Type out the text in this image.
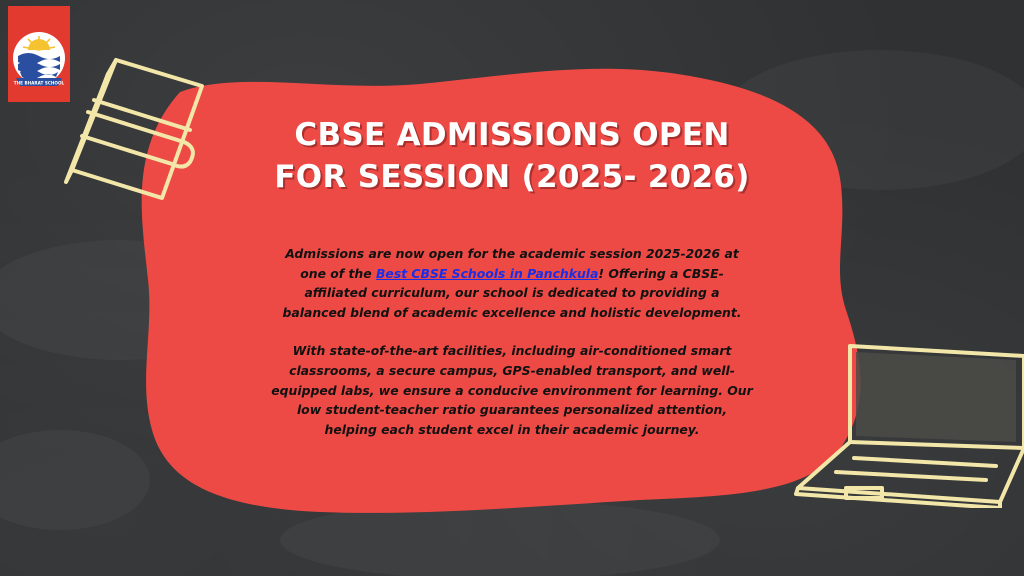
THE BHARAT SCHOOL
CBSE ADMISSIONS OPEN
FOR SESSION (2025- 2026)

Admissions are now open for the academic session 2025-2026 at one of the Best CBSE Schools in Panchkula! Offering a CBSE-affiliated curriculum, our school is dedicated to providing a balanced blend of academic excellence and holistic development.

With state-of-the-art facilities, including air-conditioned smart classrooms, a secure campus, GPS-enabled transport, and well-equipped labs, we ensure a conducive environment for learning. Our low student-teacher ratio guarantees personalized attention, helping each student excel in their academic journey.
